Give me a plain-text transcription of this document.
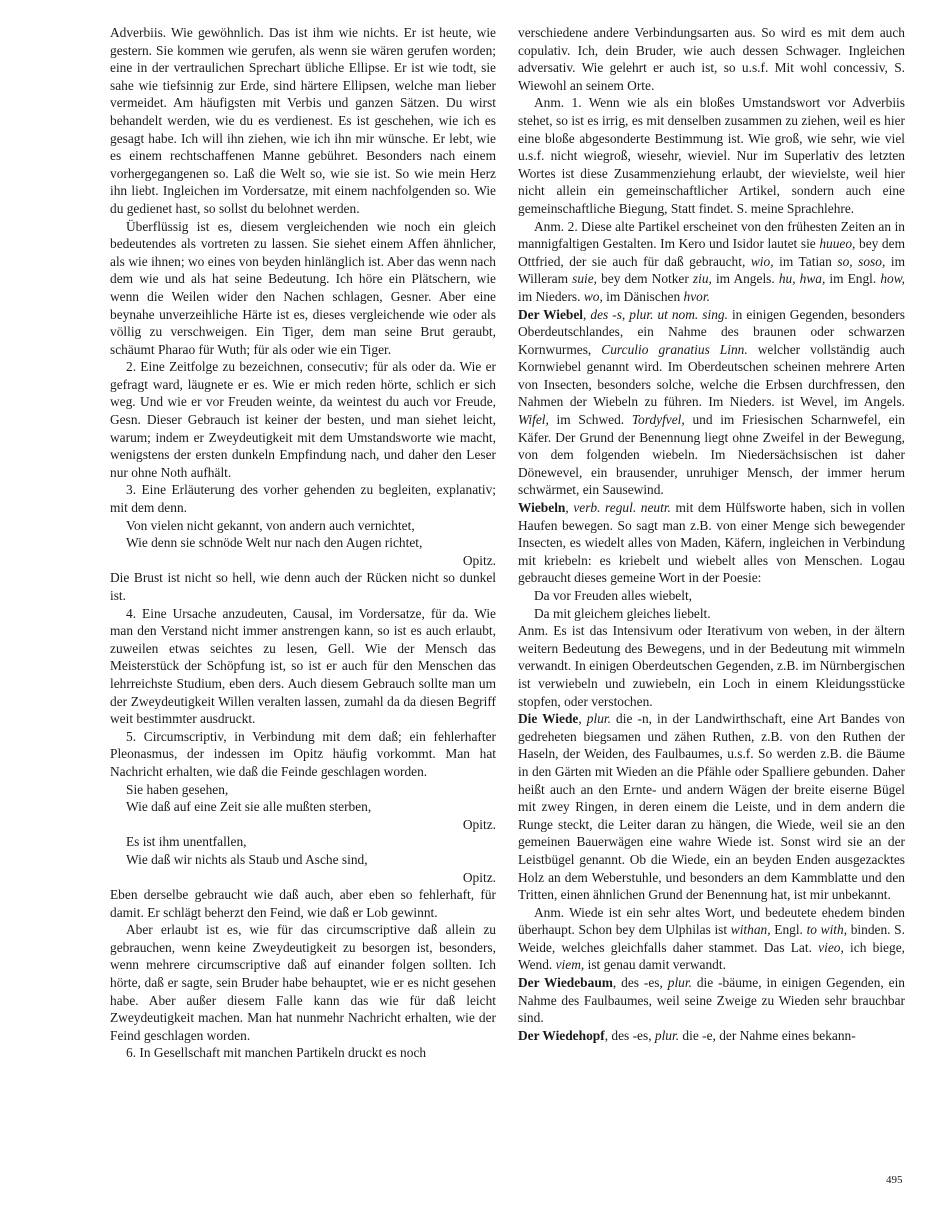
Adverbiis. Wie gewöhnlich. Das ist ihm wie nichts. Er ist heute, wie gestern. Sie kommen wie gerufen, als wenn sie wären gerufen worden; eine in der vertraulichen Sprechart übliche Ellipse. Er ist wie todt, sie sahe wie tiefsinnig zur Erde, sind härtere Ellipsen, welche man lieber vermeidet. Am häufigsten mit Verbis und ganzen Sätzen. Du wirst behandelt werden, wie du es verdienest. Es ist geschehen, wie ich es gesagt habe. Ich will ihn ziehen, wie ich ihn mir wünsche. Er lebt, wie es einem rechtschaffenen Manne gebühret. Besonders nach einem vorhergegangenen so. Laß die Welt so, wie sie ist. So wie mein Herz ihn liebt. Ingleichen im Vordersatze, mit einem nachfolgenden so. Wie du gedienet hast, so sollst du belohnet werden.

Überflüssig ist es, diesem vergleichenden wie noch ein gleich bedeutendes als vortreten zu lassen. Sie siehet einem Affen ähnlicher, als wie ihnen; wo eines von beyden hinlänglich ist. Aber das wenn nach dem wie und als hat seine Bedeutung. Ich höre ein Plätschern, wie wenn die Weilen wider den Nachen schlagen, Gesner. Aber eine beynahe unverzeihliche Härte ist es, dieses vergleichende wie oder als völlig zu verschweigen. Ein Tiger, dem man seine Brut geraubt, schäumt Pharao für Wuth; für als oder wie ein Tiger.

2. Eine Zeitfolge zu bezeichnen, consecutiv; für als oder da. Wie er gefragt ward, läugnete er es. Wie er mich reden hörte, schlich er sich weg. Und wie er vor Freuden weinte, da weintest du auch vor Freude, Gesn. Dieser Gebrauch ist keiner der besten, und man siehet leicht, warum; indem er Zweydeutigkeit mit dem Umstandsworte wie macht, wenigstens der ersten dunkeln Empfindung nach, und daher den Leser nur ohne Noth aufhält.

3. Eine Erläuterung des vorher gehenden zu begleiten, explanativ; mit dem denn.

Von vielen nicht gekannt, von andern auch vernichtet,

Wie denn sie schnöde Welt nur nach den Augen richtet,

Opitz.

Die Brust ist nicht so hell, wie denn auch der Rücken nicht so dunkel ist.

4. Eine Ursache anzudeuten, Causal, im Vordersatze, für da. Wie man den Verstand nicht immer anstrengen kann, so ist es auch erlaubt, zuweilen etwas seichtes zu lesen, Gell. Wie der Mensch das Meisterstück der Schöpfung ist, so ist er auch für den Menschen das lehrreichste Studium, eben ders. Auch diesem Gebrauch sollte man um der Zweydeutigkeit Willen veralten lassen, zumahl da da diesen Begriff weit bestimmter ausdruckt.

5. Circumscriptiv, in Verbindung mit dem daß; ein fehlerhafter Pleonasmus, der indessen im Opitz häufig vorkommt. Man hat Nachricht erhalten, wie daß die Feinde geschlagen worden.

Sie haben gesehen,

Wie daß auf eine Zeit sie alle mußten sterben,

Opitz.

Es ist ihm unentfallen,

Wie daß wir nichts als Staub und Asche sind,

Opitz.

Eben derselbe gebraucht wie daß auch, aber eben so fehlerhaft, für damit. Er schlägt beherzt den Feind, wie daß er Lob gewinnt.

Aber erlaubt ist es, wie für das circumscriptive daß allein zu gebrauchen, wenn keine Zweydeutigkeit zu besorgen ist, besonders, wenn mehrere circumscriptive daß auf einander folgen sollten. Ich hörte, daß er sagte, sein Bruder habe behauptet, wie er es nicht gesehen habe. Aber außer diesem Falle kann das wie für daß leicht Zweydeutigkeit machen. Man hat nunmehr Nachricht erhalten, wie der Feind geschlagen worden.

6. In Gesellschaft mit manchen Partikeln druckt es noch

verschiedene andere Verbindungsarten aus. So wird es mit dem auch copulativ. Ich, dein Bruder, wie auch dessen Schwager. Ingleichen adversativ. Wie gelehrt er auch ist, so u.s.f. Mit wohl concessiv, S. Wiewohl an seinem Orte.

Anm. 1. Wenn wie als ein bloßes Umstandswort vor Adverbiis stehet, so ist es irrig, es mit denselben zusammen zu ziehen, weil es hier eine bloße abgesonderte Bestimmung ist. Wie groß, wie sehr, wie viel u.s.f. nicht wiegroß, wiesehr, wieviel. Nur im Superlativ des letzten Wortes ist diese Zusammenziehung erlaubt, der wievielste, weil hier nicht allein ein gemeinschaftlicher Artikel, sondern auch eine gemeinschaftliche Biegung, Statt findet. S. meine Sprachlehre.

Anm. 2. Diese alte Partikel erscheinet von den frühesten Zeiten an in mannigfaltigen Gestalten. Im Kero und Isidor lautet sie huueo, bey dem Ottfried, der sie auch für daß gebraucht, wio, im Tatian so, soso, im Willeram suie, bey dem Notker ziu, im Angels. hu, hwa, im Engl. how, im Nieders. wo, im Dänischen hvor.

Der Wiebel, des -s, plur. ut nom. sing. in einigen Gegenden, besonders Oberdeutschlandes, ein Nahme des braunen oder schwarzen Kornwurmes, Curculio granatius Linn. welcher vollständig auch Kornwiebel genannt wird. Im Oberdeutschen scheinen mehrere Arten von Insecten, besonders solche, welche die Erbsen durchfressen, den Nahmen der Wiebeln zu führen. Im Nieders. ist Wevel, im Angels. Wifel, im Schwed. Tordyfvel, und im Friesischen Scharnwefel, ein Käfer. Der Grund der Benennung liegt ohne Zweifel in der Bewegung, von dem folgenden wiebeln. Im Niedersächsischen ist daher Dönewevel, ein brausender, unruhiger Mensch, der immer herum schwärmet, ein Sausewind.

Wiebeln, verb. regul. neutr. mit dem Hülfsworte haben, sich in vollen Haufen bewegen. So sagt man z.B. von einer Menge sich bewegender Insecten, es wiedelt alles von Maden, Käfern, ingleichen in Verbindung mit kriebeln: es kriebelt und wiebelt alles von Menschen. Logau gebraucht dieses gemeine Wort in der Poesie:

Da vor Freuden alles wiebelt,

Da mit gleichem gleiches liebelt.

Anm. Es ist das Intensivum oder Iterativum von weben, in der ältern weitern Bedeutung des Bewegens, und in der Bedeutung mit wimmeln verwandt. In einigen Oberdeutschen Gegenden, z.B. im Nürnbergischen ist verwiebeln und zuwiebeln, ein Loch in einem Kleidungsstücke stopfen, oder verstochen.

Die Wiede, plur. die -n, in der Landwirthschaft, eine Art Bandes von gedreheten biegsamen und zähen Ruthen, z.B. von den Ruthen der Haseln, der Weiden, des Faulbaumes, u.s.f. So werden z.B. die Bäume in den Gärten mit Wieden an die Pfähle oder Spalliere gebunden. Daher heißt auch an den Ernte- und andern Wägen der breite eiserne Bügel mit zwey Ringen, in deren einem die Leiste, und in dem andern die Runge steckt, die Leiter daran zu hängen, die Wiede, weil sie an den gemeinen Bauerwägen eine wahre Wiede ist. Sonst wird sie an der Leistbügel genannt. Ob die Wiede, ein an beyden Enden ausgezacktes Holz an dem Weberstuhle, und besonders an dem Kammblatte und den Tritten, einen ähnlichen Grund der Benennung hat, ist mir unbekannt.

Anm. Wiede ist ein sehr altes Wort, und bedeutete ehedem binden überhaupt. Schon bey dem Ulphilas ist withan, Engl. to with, binden. S. Weide, welches gleichfalls daher stammet. Das Lat. vieo, ich biege, Wend. viem, ist genau damit verwandt.

Der Wiedebaum, des -es, plur. die -bäume, in einigen Gegenden, ein Nahme des Faulbaumes, weil seine Zweige zu Wieden sehr brauchbar sind.

Der Wiedehopf, des -es, plur. die -e, der Nahme eines bekann-

495
